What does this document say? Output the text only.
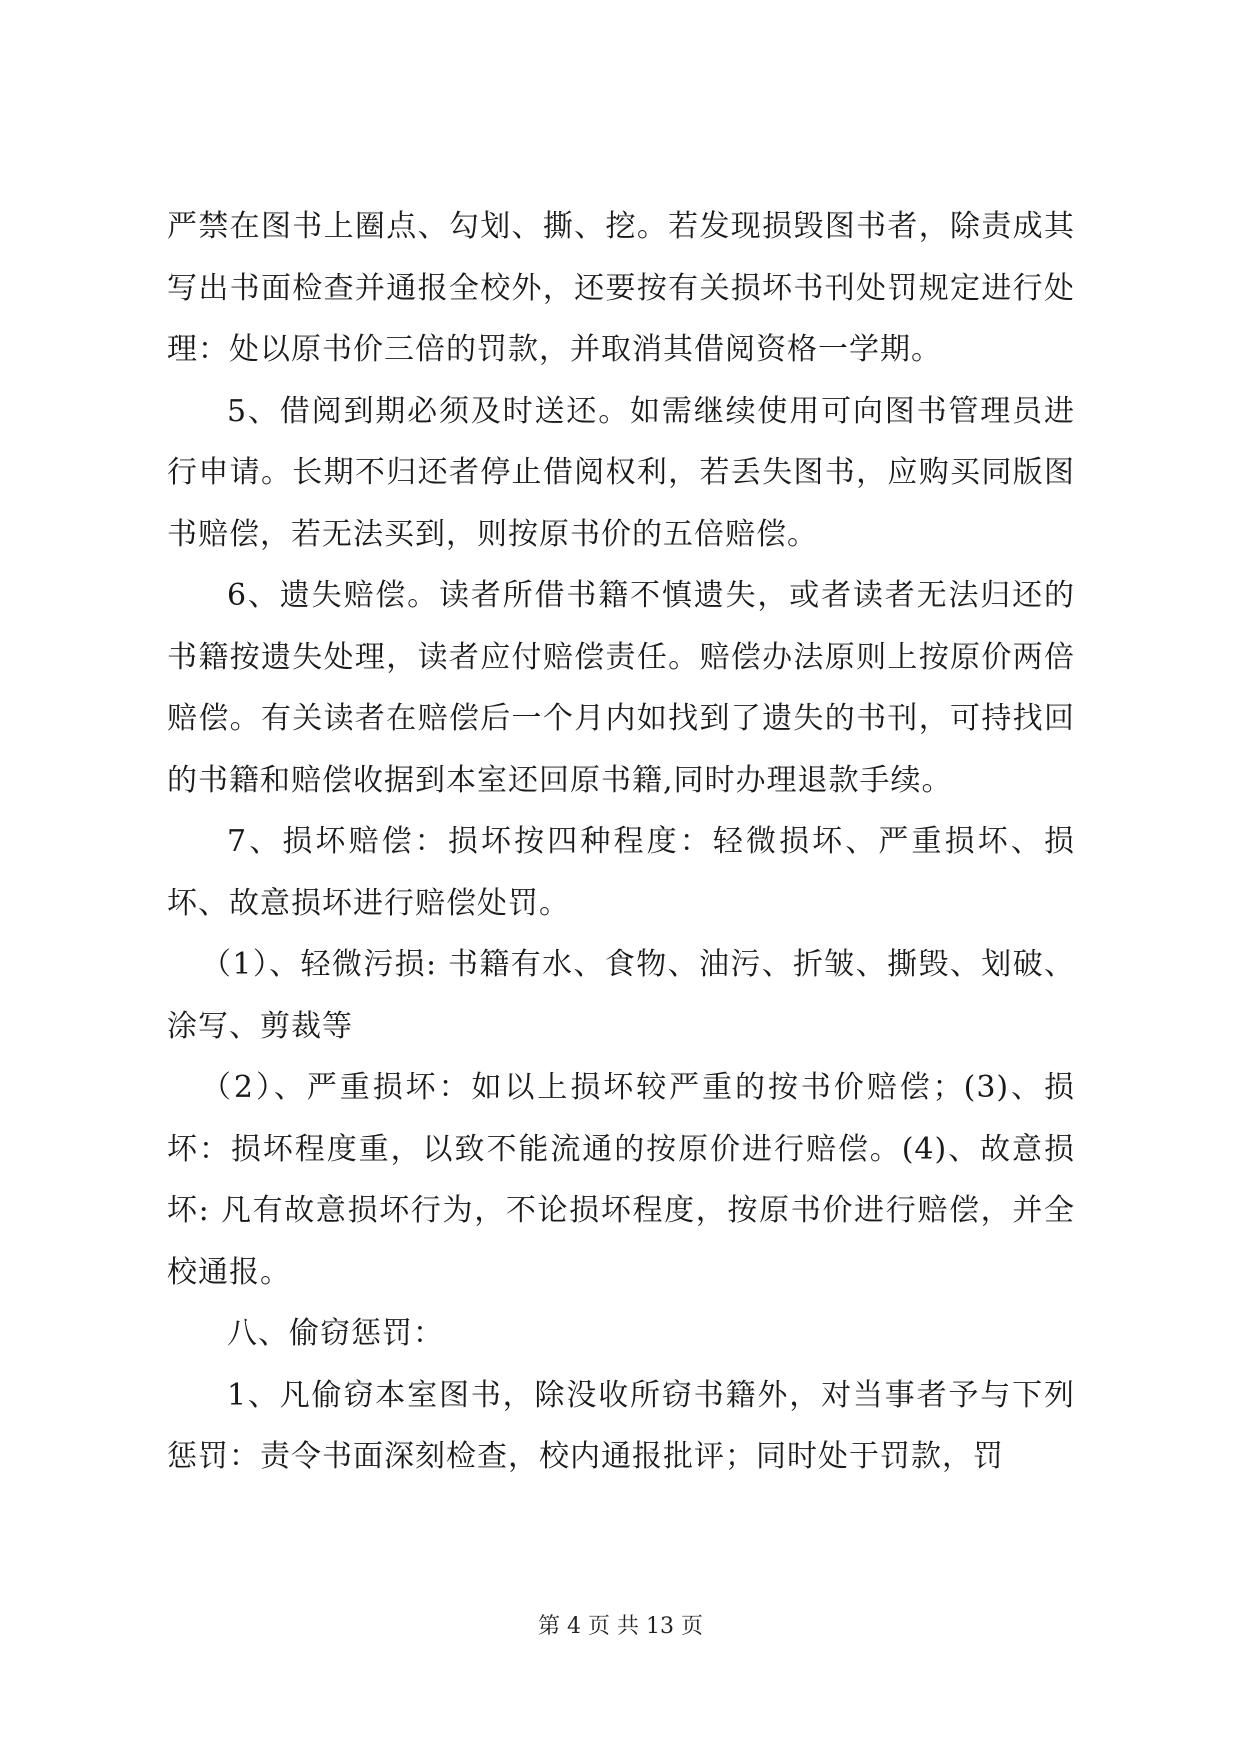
严禁在图书上圈点、勾划、撕、挖。若发现损毁图书者，除责成其写出书面检查并通报全校外，还要按有关损坏书刊处罚规定进行处理：处以原书价三倍的罚款，并取消其借阅资格一学期。

5、借阅到期必须及时送还。如需继续使用可向图书管理员进行申请。长期不归还者停止借阅权利，若丢失图书，应购买同版图书赔偿，若无法买到，则按原书价的五倍赔偿。

6、遗失赔偿。读者所借书籍不慎遗失，或者读者无法归还的书籍按遗失处理，读者应付赔偿责任。赔偿办法原则上按原价两倍赔偿。有关读者在赔偿后一个月内如找到了遗失的书刊，可持找回的书籍和赔偿收据到本室还回原书籍,同时办理退款手续。

7、损坏赔偿：损坏按四种程度：轻微损坏、严重损坏、损坏、故意损坏进行赔偿处罚。

（1）、轻微污损: 书籍有水、食物、油污、折皱、撕毁、划破、涂写、剪裁等

（2）、严重损坏：如以上损坏较严重的按书价赔偿；(3)、损坏：损坏程度重，以致不能流通的按原价进行赔偿。(4)、故意损坏: 凡有故意损坏行为，不论损坏程度，按原书价进行赔偿，并全校通报。

八、偷窃惩罚：

1、凡偷窃本室图书，除没收所窃书籍外，对当事者予与下列惩罚：责令书面深刻检查，校内通报批评；同时处于罚款，罚

第 4 页 共 13 页
